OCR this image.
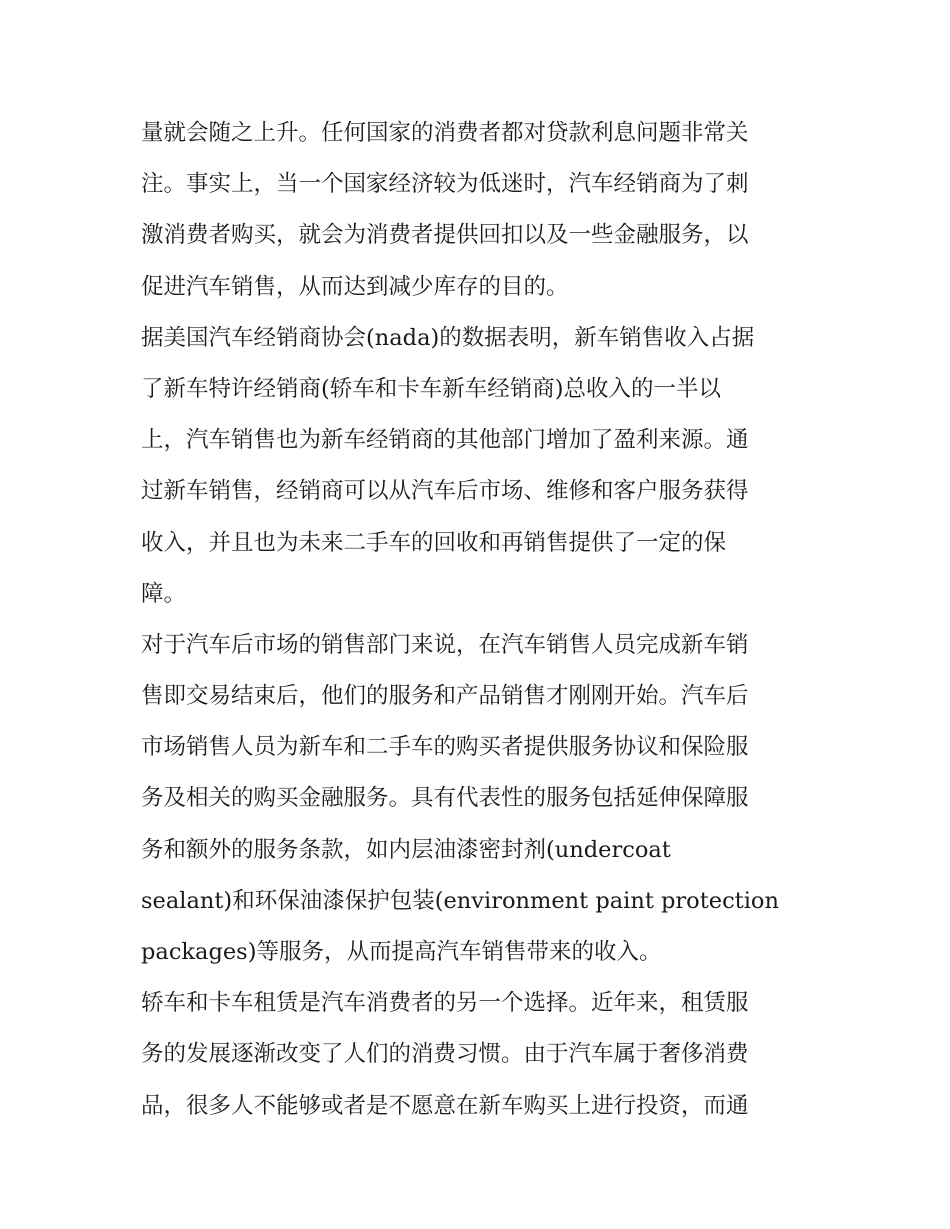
量就会随之上升。任何国家的消费者都对贷款利息问题非常关
注。事实上，当一个国家经济较为低迷时，汽车经销商为了刺
激消费者购买，就会为消费者提供回扣以及一些金融服务，以
促进汽车销售，从而达到减少库存的目的。

据美国汽车经销商协会(nada)的数据表明，新车销售收入占据
了新车特许经销商(轿车和卡车新车经销商)总收入的一半以
上，汽车销售也为新车经销商的其他部门增加了盈利来源。通
过新车销售，经销商可以从汽车后市场、维修和客户服务获得
收入，并且也为未来二手车的回收和再销售提供了一定的保
障。

对于汽车后市场的销售部门来说，在汽车销售人员完成新车销
售即交易结束后，他们的服务和产品销售才刚刚开始。汽车后
市场销售人员为新车和二手车的购买者提供服务协议和保险服
务及相关的购买金融服务。具有代表性的服务包括延伸保障服
务和额外的服务条款，如内层油漆密封剂(undercoat
sealant)和环保油漆保护包装(environment paint protection
packages)等服务，从而提高汽车销售带来的收入。

轿车和卡车租赁是汽车消费者的另一个选择。近年来，租赁服
务的发展逐渐改变了人们的消费习惯。由于汽车属于奢侈消费
品，很多人不能够或者是不愿意在新车购买上进行投资，而通
